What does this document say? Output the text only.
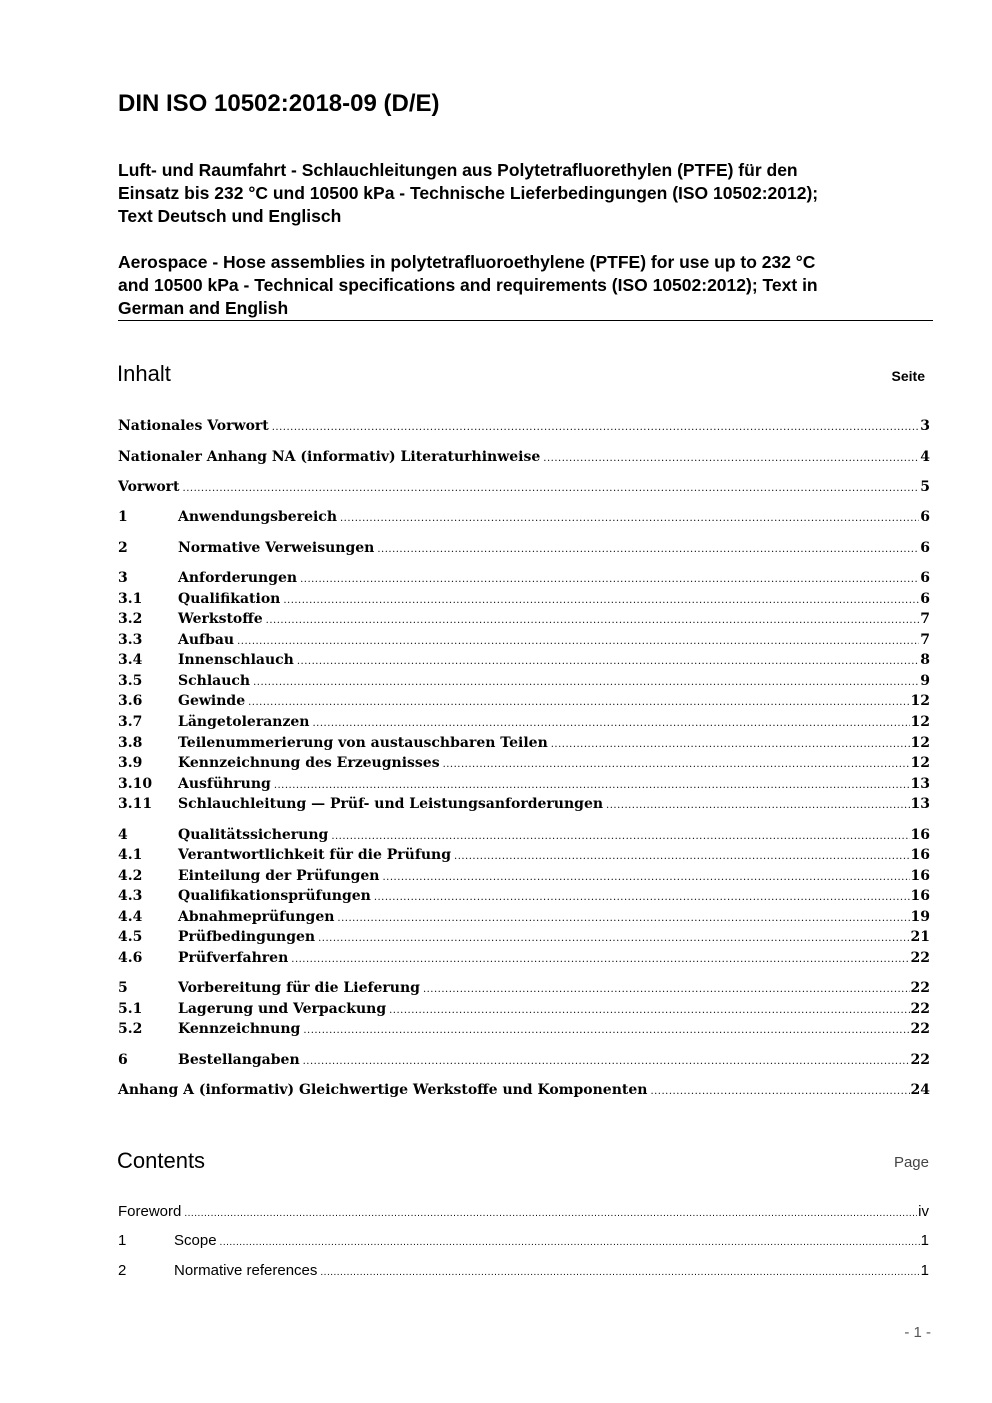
DIN ISO 10502:2018-09 (D/E)
Luft- und Raumfahrt - Schlauchleitungen aus Polytetrafluorethylen (PTFE) für den
Einsatz bis 232 °C und 10500 kPa - Technische Lieferbedingungen (ISO 10502:2012);
Text Deutsch und Englisch
Aerospace - Hose assemblies in polytetrafluoroethylene (PTFE) for use up to 232 °C
and 10500 kPa - Technical specifications and requirements (ISO 10502:2012); Text in
German and English
Inhalt	Seite
Nationales Vorwort .....	3
Nationaler Anhang NA (informativ) Literaturhinweise .....	4
Vorwort .....	5
1	Anwendungsbereich .....	6
2	Normative Verweisungen .....	6
3	Anforderungen .....	6
3.1	Qualifikation .....	6
3.2	Werkstoffe .....	7
3.3	Aufbau .....	7
3.4	Innenschlauch .....	8
3.5	Schlauch .....	9
3.6	Gewinde .....	12
3.7	Längetoleranzen .....	12
3.8	Teilenummerierung von austauschbaren Teilen .....	12
3.9	Kennzeichnung des Erzeugnisses .....	12
3.10	Ausführung .....	13
3.11	Schlauchleitung — Prüf- und Leistungsanforderungen .....	13
4	Qualitätssicherung .....	16
4.1	Verantwortlichkeit für die Prüfung .....	16
4.2	Einteilung der Prüfungen .....	16
4.3	Qualifikationsprüfungen .....	16
4.4	Abnahmeprüfungen .....	19
4.5	Prüfbedingungen .....	21
4.6	Prüfverfahren .....	22
5	Vorbereitung für die Lieferung .....	22
5.1	Lagerung und Verpackung .....	22
5.2	Kennzeichnung .....	22
6	Bestellangaben .....	22
Anhang A (informativ) Gleichwertige Werkstoffe und Komponenten .....	24
Contents	Page
Foreword .....	iv
1	Scope .....	1
2	Normative references .....	1
- 1 -
